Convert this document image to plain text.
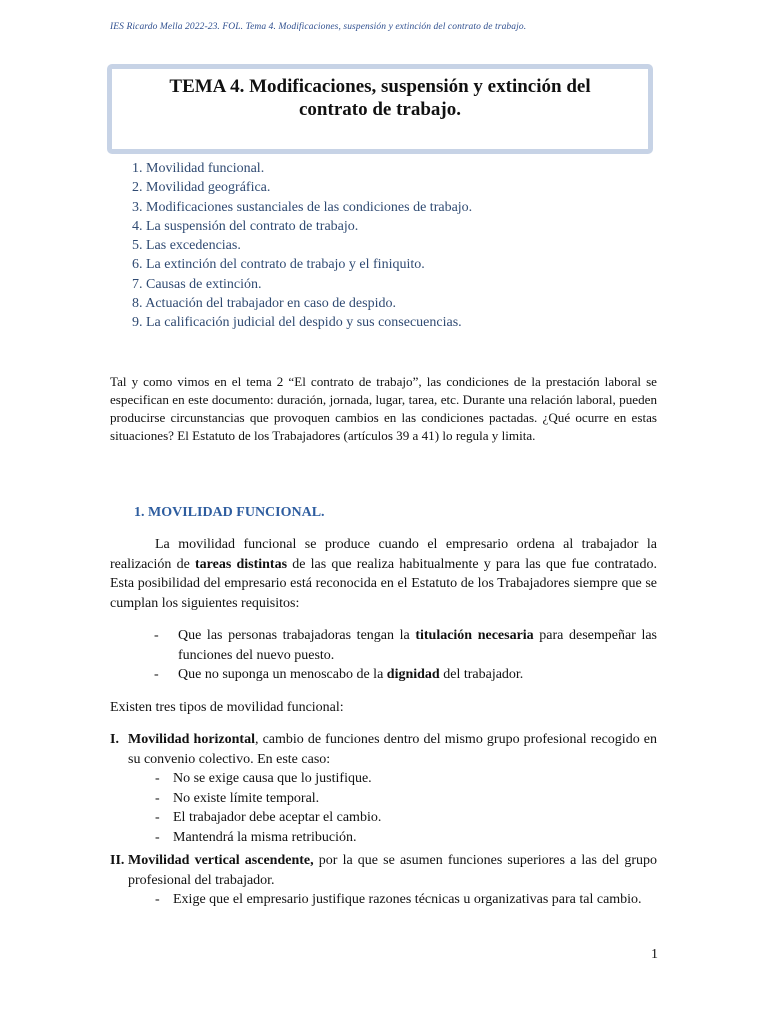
IES Ricardo Mella 2022-23. FOL. Tema 4. Modificaciones, suspensión y extinción del contrato de trabajo.

TEMA 4. Modificaciones, suspensión y extinción del
contrato de trabajo.

1. Movilidad funcional.
2. Movilidad geográfica.
3. Modificaciones sustanciales de las condiciones de trabajo.
4. La suspensión del contrato de trabajo.
5. Las excedencias.
6. La extinción del contrato de trabajo y el finiquito.
7. Causas de extinción.
8. Actuación del trabajador en caso de despido.
9. La calificación judicial del despido y sus consecuencias.

Tal y como vimos en el tema 2 “El contrato de trabajo”, las condiciones de la prestación laboral se especifican en este documento: duración, jornada, lugar, tarea, etc. Durante una relación laboral, pueden producirse circunstancias que provoquen cambios en las condiciones pactadas. ¿Qué ocurre en estas situaciones? El Estatuto de los Trabajadores (artículos 39 a 41) lo regula y limita.

1. MOVILIDAD FUNCIONAL.

La movilidad funcional se produce cuando el empresario ordena al trabajador la realización de tareas distintas de las que realiza habitualmente y para las que fue contratado. Esta posibilidad del empresario está reconocida en el Estatuto de los Trabajadores siempre que se cumplan los siguientes requisitos:

- Que las personas trabajadoras tengan la titulación necesaria para desempeñar las funciones del nuevo puesto.
- Que no suponga un menoscabo de la dignidad del trabajador.

Existen tres tipos de movilidad funcional:

I. Movilidad horizontal, cambio de funciones dentro del mismo grupo profesional recogido en su convenio colectivo. En este caso:
- No se exige causa que lo justifique.
- No existe límite temporal.
- El trabajador debe aceptar el cambio.
- Mantendrá la misma retribución.
II. Movilidad vertical ascendente, por la que se asumen funciones superiores a las del grupo profesional del trabajador.
- Exige que el empresario justifique razones técnicas u organizativas para tal cambio.
1
